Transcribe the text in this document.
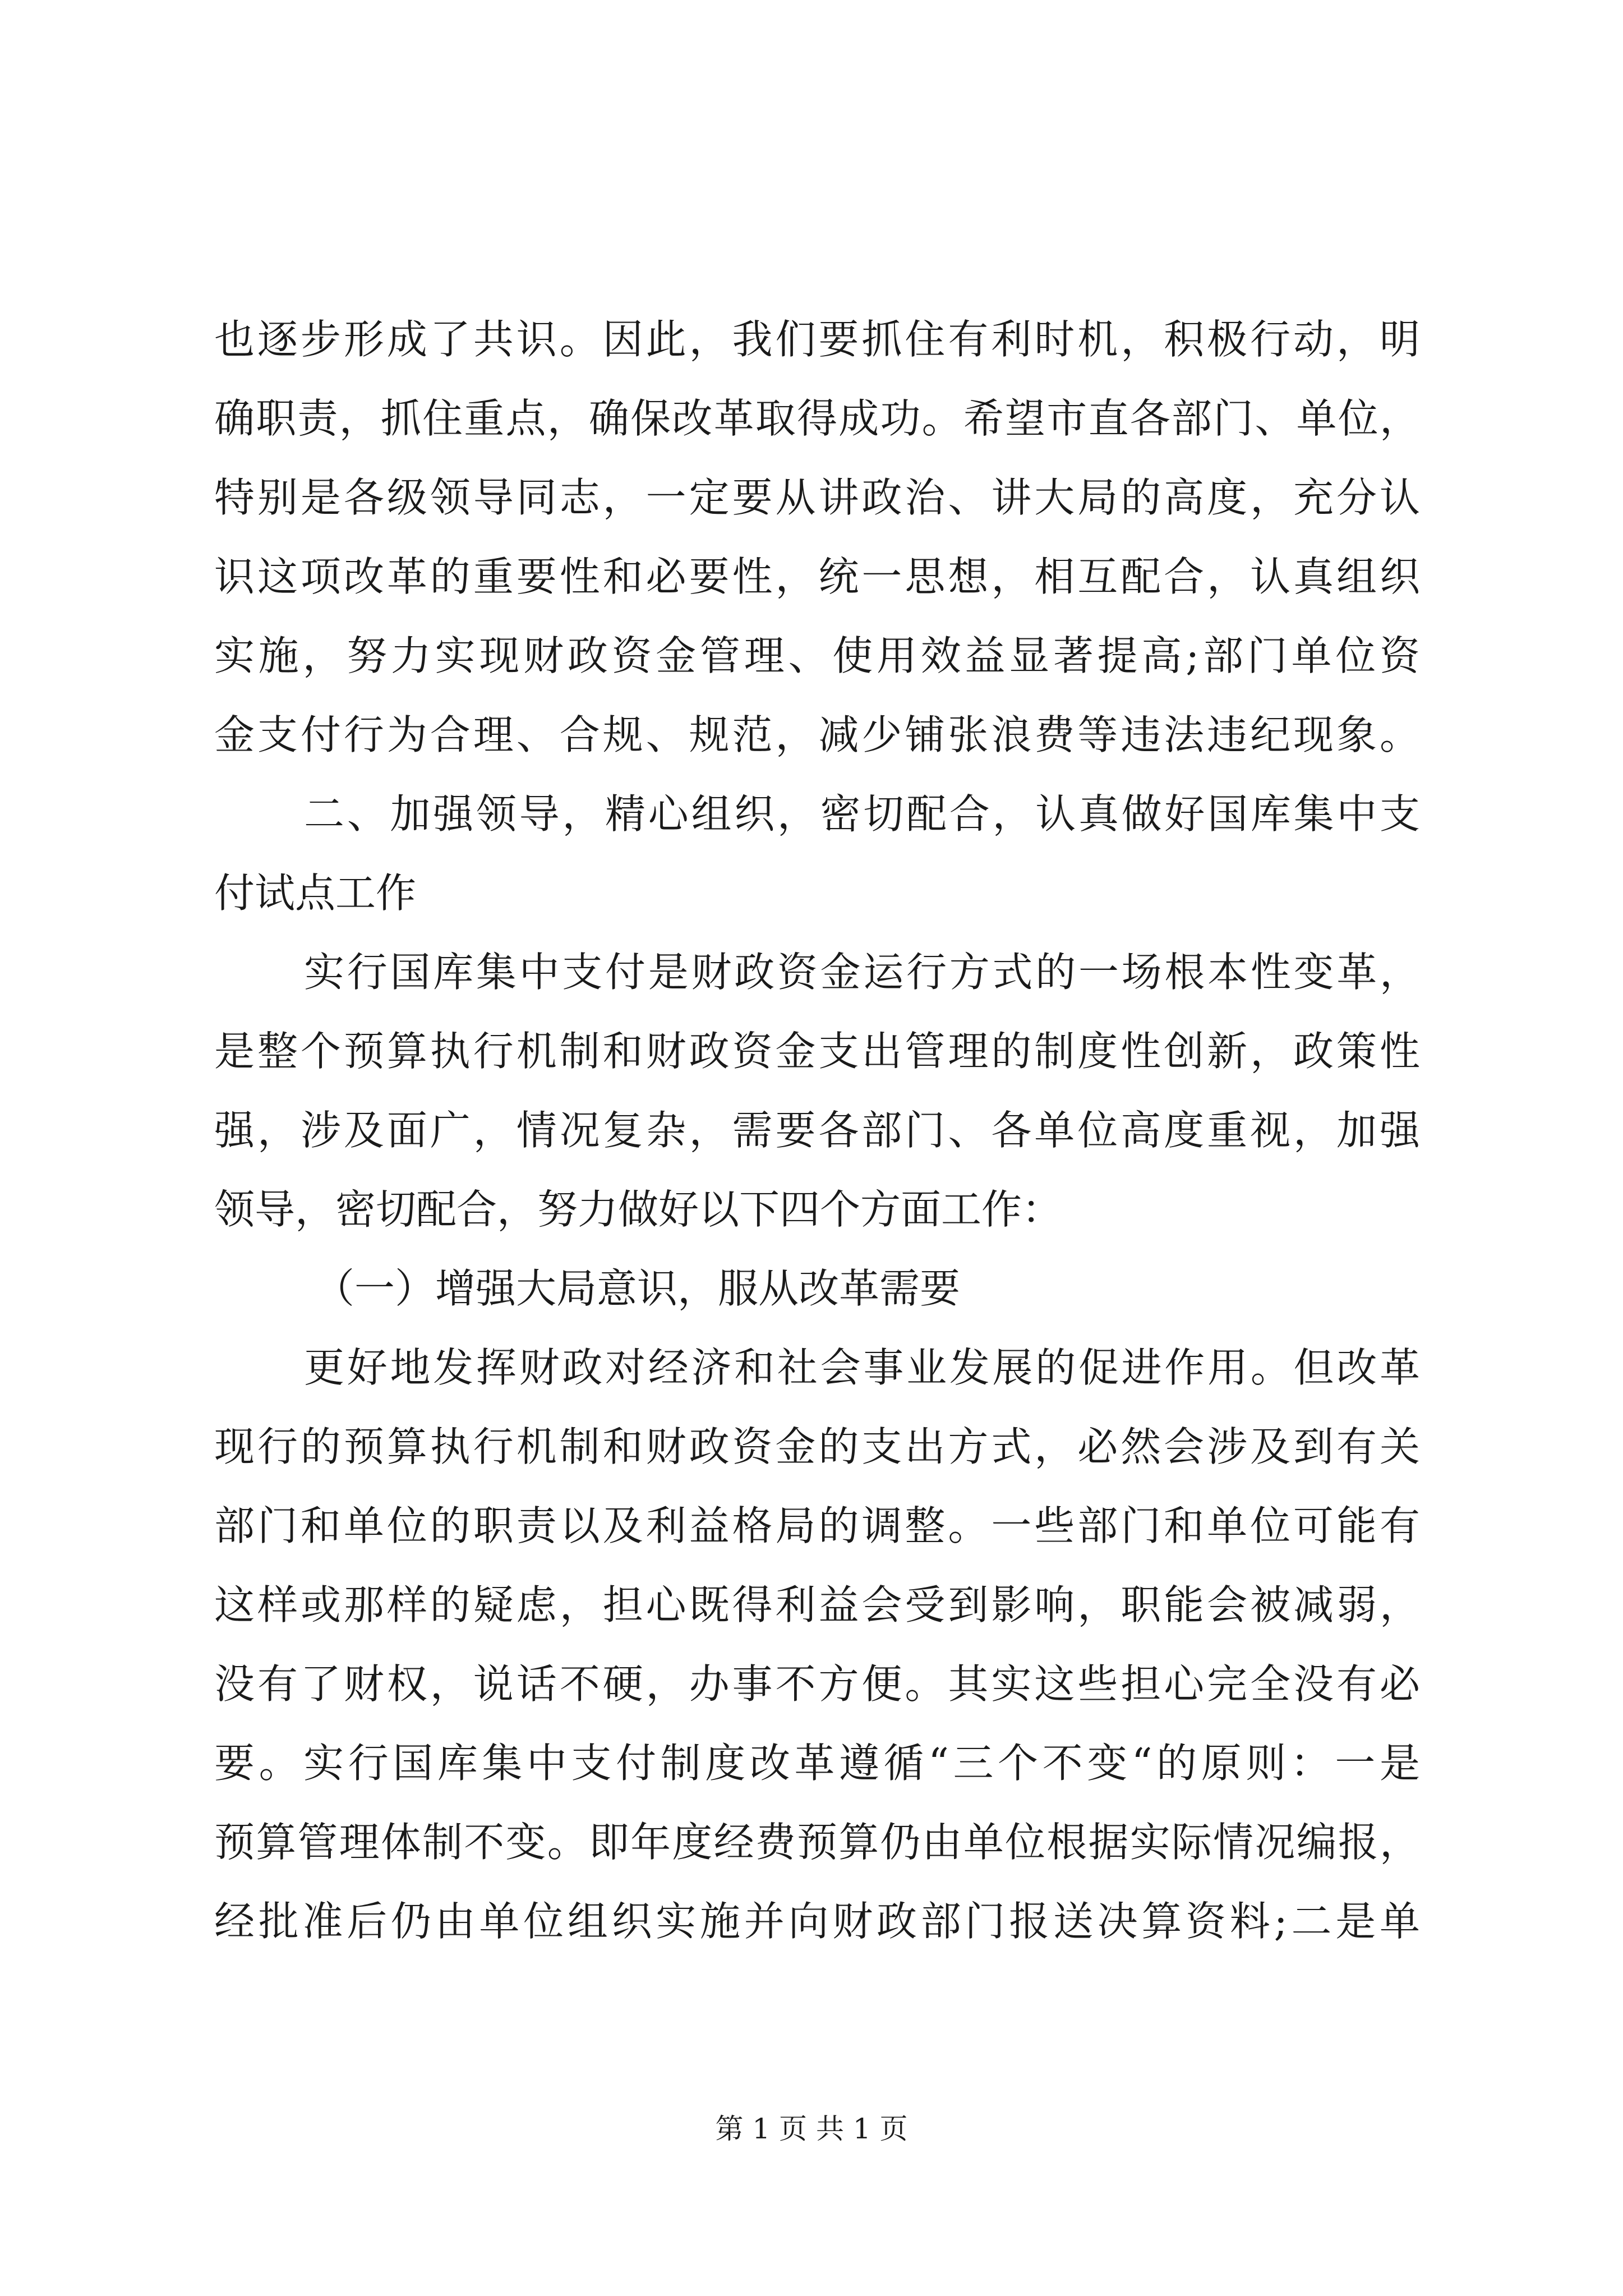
也逐步形成了共识。因此，我们要抓住有利时机，积极行动，明

确职责，抓住重点，确保改革取得成功。希望市直各部门、单位，

特别是各级领导同志，一定要从讲政治、讲大局的高度，充分认

识这项改革的重要性和必要性，统一思想，相互配合，认真组织

实施，努力实现财政资金管理、使用效益显著提高;部门单位资

金支付行为合理、合规、规范，减少铺张浪费等违法违纪现象。

二、加强领导，精心组织，密切配合，认真做好国库集中支

付试点工作

实行国库集中支付是财政资金运行方式的一场根本性变革，

是整个预算执行机制和财政资金支出管理的制度性创新，政策性

强，涉及面广，情况复杂，需要各部门、各单位高度重视，加强

领导，密切配合，努力做好以下四个方面工作：

（一）增强大局意识，服从改革需要

更好地发挥财政对经济和社会事业发展的促进作用。但改革

现行的预算执行机制和财政资金的支出方式，必然会涉及到有关

部门和单位的职责以及利益格局的调整。一些部门和单位可能有

这样或那样的疑虑，担心既得利益会受到影响，职能会被减弱，

没有了财权，说话不硬，办事不方便。其实这些担心完全没有必

要。实行国库集中支付制度改革遵循“三个不变“的原则：一是

预算管理体制不变。即年度经费预算仍由单位根据实际情况编报，

经批准后仍由单位组织实施并向财政部门报送决算资料;二是单

第 1 页 共 1 页
